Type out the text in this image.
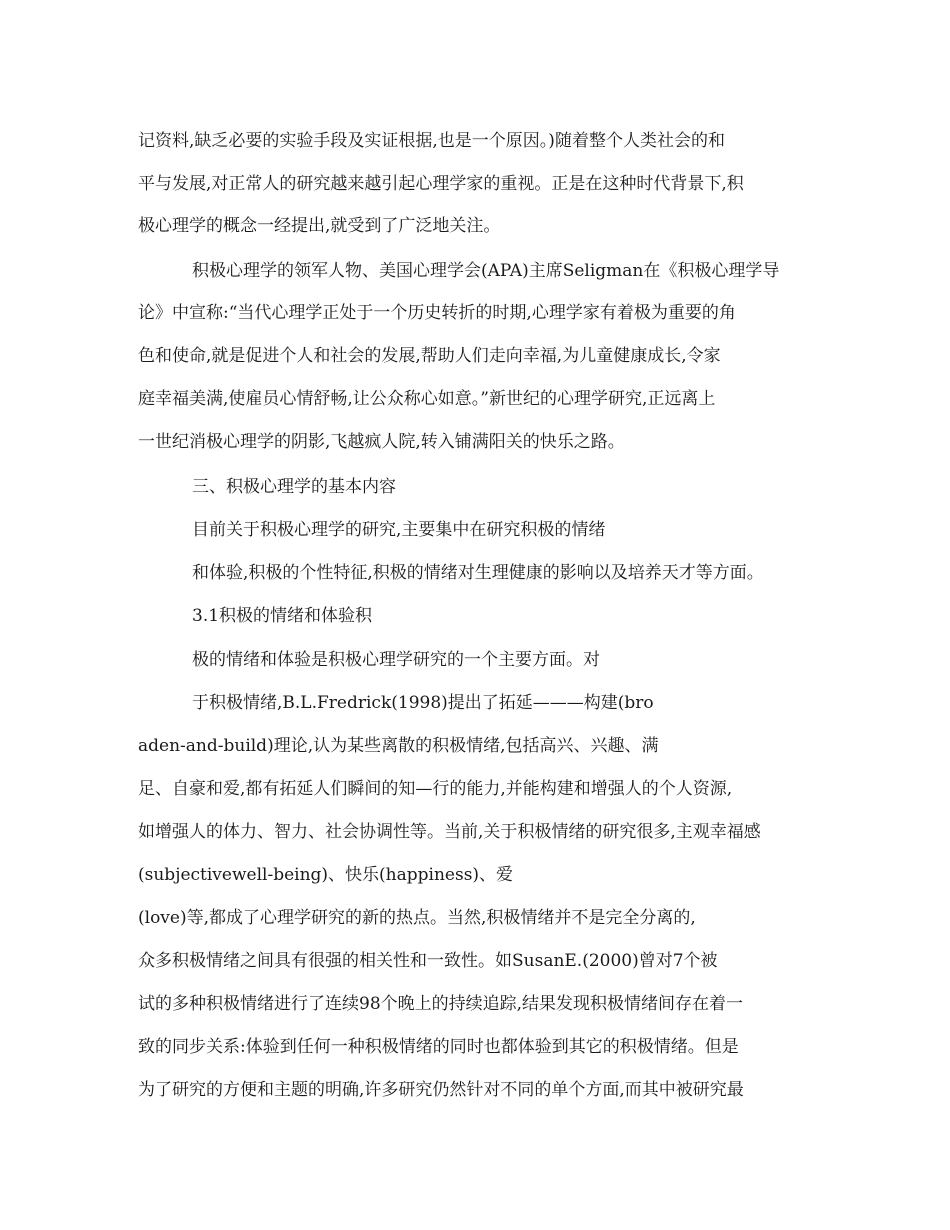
记资料,缺乏必要的实验手段及实证根据,也是一个原因。)随着整个人类社会的和
平与发展,对正常人的研究越来越引起心理学家的重视。正是在这种时代背景下,积
极心理学的概念一经提出,就受到了广泛地关注。
积极心理学的领军人物、美国心理学会(APA)主席Seligman在《积极心理学导
论》中宣称:“当代心理学正处于一个历史转折的时期,心理学家有着极为重要的角
色和使命,就是促进个人和社会的发展,帮助人们走向幸福,为儿童健康成长,令家
庭幸福美满,使雇员心情舒畅,让公众称心如意。”新世纪的心理学研究,正远离上
一世纪消极心理学的阴影,飞越疯人院,转入铺满阳关的快乐之路。
三、积极心理学的基本内容
目前关于积极心理学的研究,主要集中在研究积极的情绪
和体验,积极的个性特征,积极的情绪对生理健康的影响以及培养天才等方面。
3.1积极的情绪和体验积
极的情绪和体验是积极心理学研究的一个主要方面。对
于积极情绪,B.L.Fredrick(1998)提出了拓延———构建(bro
aden-and-build)理论,认为某些离散的积极情绪,包括高兴、兴趣、满
足、自豪和爱,都有拓延人们瞬间的知—行的能力,并能构建和增强人的个人资源,
如增强人的体力、智力、社会协调性等。当前,关于积极情绪的研究很多,主观幸福感
(subjectivewell-being)、快乐(happiness)、爱
(love)等,都成了心理学研究的新的热点。当然,积极情绪并不是完全分离的,
众多积极情绪之间具有很强的相关性和一致性。如SusanE.(2000)曾对7个被
试的多种积极情绪进行了连续98个晚上的持续追踪,结果发现积极情绪间存在着一
致的同步关系:体验到任何一种积极情绪的同时也都体验到其它的积极情绪。但是
为了研究的方便和主题的明确,许多研究仍然针对不同的单个方面,而其中被研究最
